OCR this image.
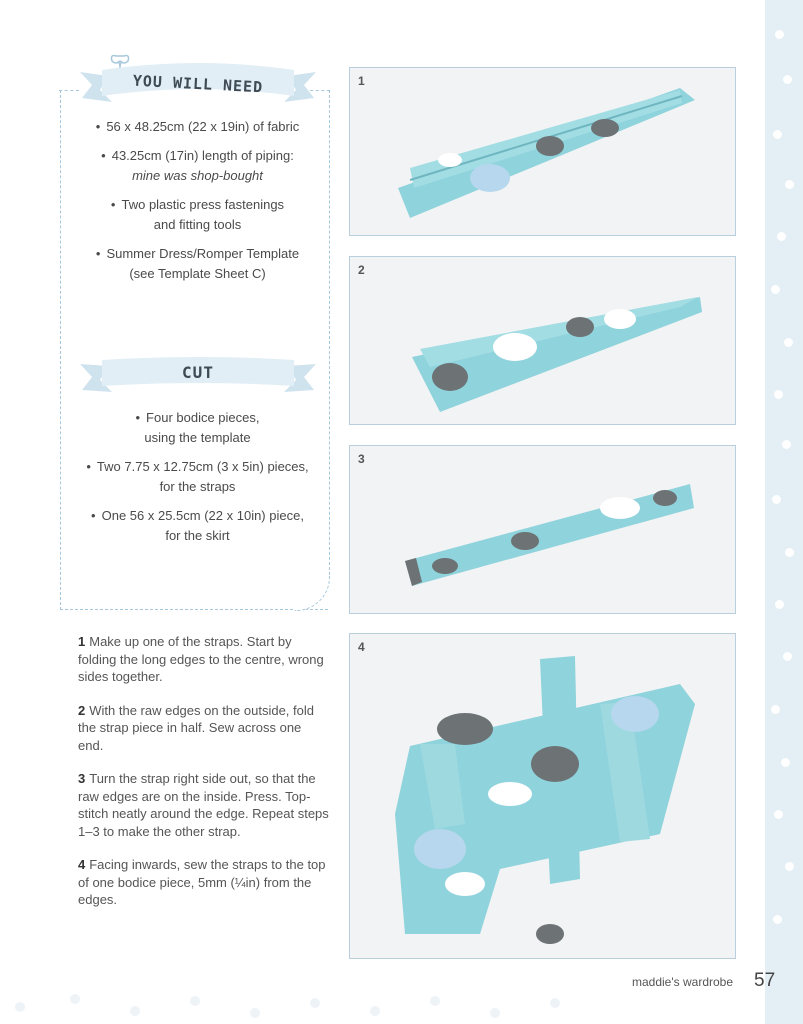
YOU WILL NEED
• 56 x 48.25cm (22 x 19in) of fabric
• 43.25cm (17in) length of piping:
mine was shop-bought
• Two plastic press fastenings
and fitting tools
• Summer Dress/Romper Template
(see Template Sheet C)
CUT
• Four bodice pieces,
using the template
• Two 7.75 x 12.75cm (3 x 5in) pieces,
for the straps
• One 56 x 25.5cm (22 x 10in) piece,
for the skirt

1 Make up one of the straps. Start by folding the long edges to the centre, wrong sides together.

2 With the raw edges on the outside, fold the strap piece in half. Sew across one end.

3 Turn the strap right side out, so that the raw edges are on the inside. Press. Top-stitch neatly around the edge. Repeat steps 1–3 to make the other strap.

4 Facing inwards, sew the straps to the top of one bodice piece, 5mm (¼in) from the edges.

1
2
3
4
maddie's wardrobe 57
